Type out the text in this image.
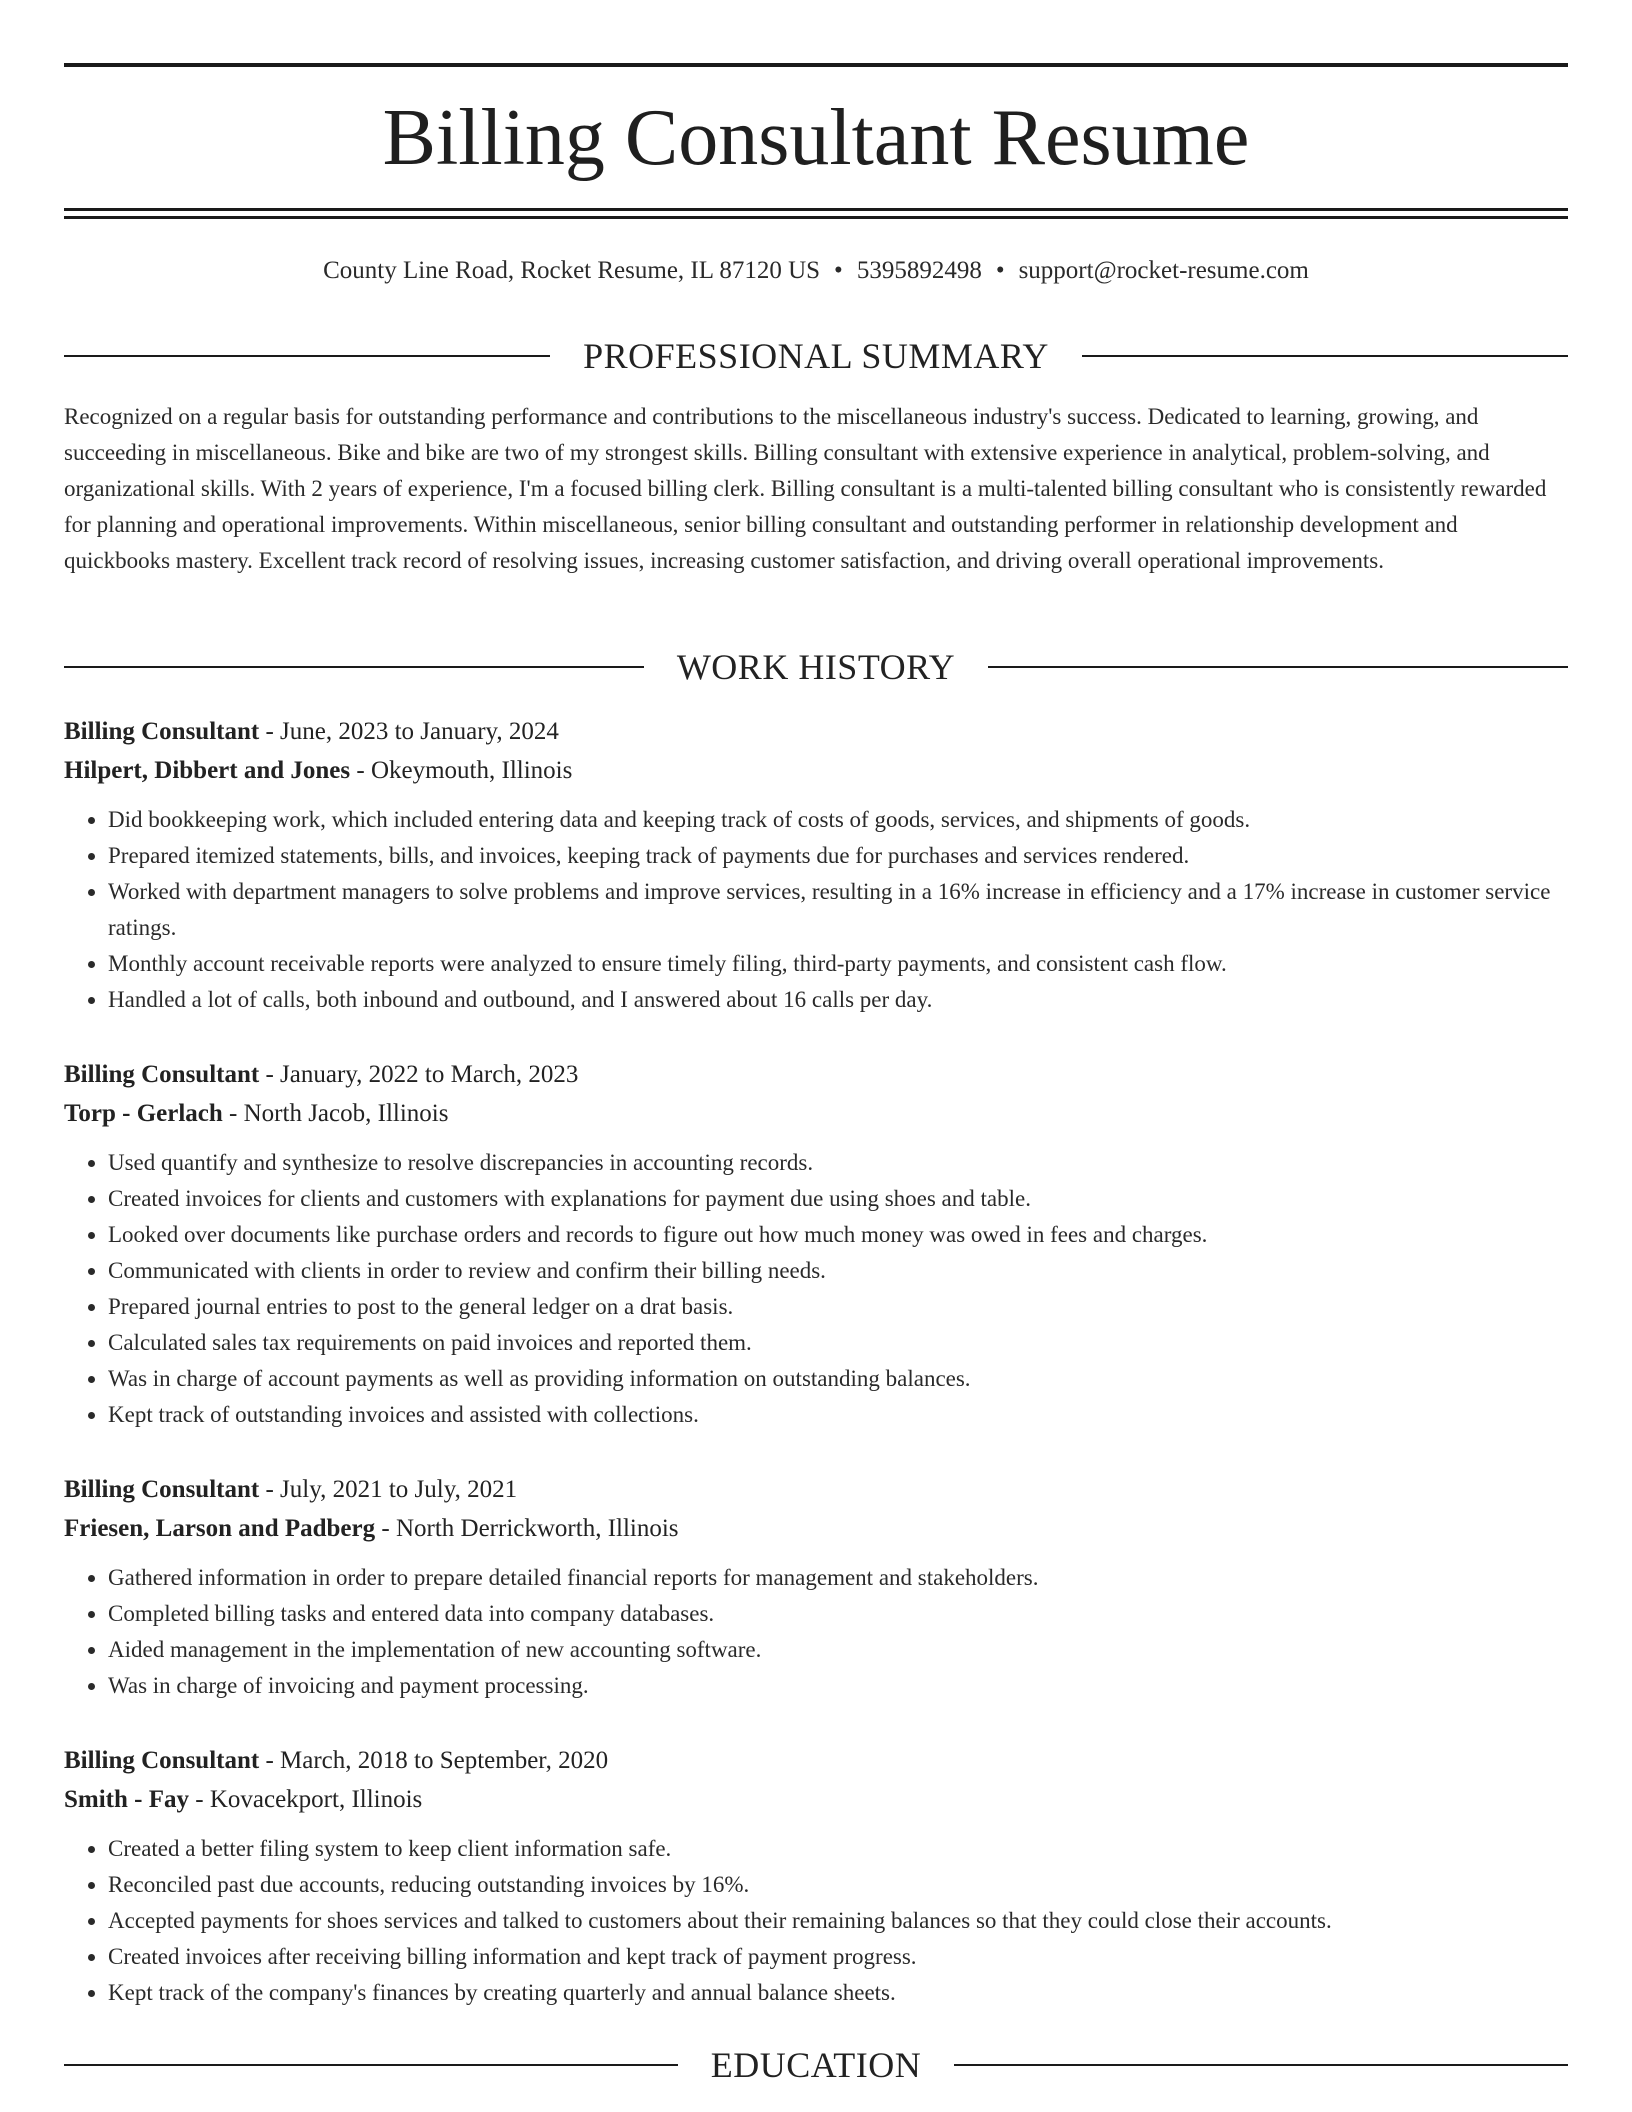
Billing Consultant Resume
County Line Road, Rocket Resume, IL 87120 US • 5395892498 • support@rocket-resume.com
PROFESSIONAL SUMMARY

Recognized on a regular basis for outstanding performance and contributions to the miscellaneous industry's success. Dedicated to learning, growing, and succeeding in miscellaneous. Bike and bike are two of my strongest skills. Billing consultant with extensive experience in analytical, problem-solving, and organizational skills. With 2 years of experience, I'm a focused billing clerk. Billing consultant is a multi-talented billing consultant who is consistently rewarded for planning and operational improvements. Within miscellaneous, senior billing consultant and outstanding performer in relationship development and quickbooks mastery. Excellent track record of resolving issues, increasing customer satisfaction, and driving overall operational improvements.

WORK HISTORY
Billing Consultant - June, 2023 to January, 2024
Hilpert, Dibbert and Jones - Okeymouth, Illinois
• Did bookkeeping work, which included entering data and keeping track of costs of goods, services, and shipments of goods.
• Prepared itemized statements, bills, and invoices, keeping track of payments due for purchases and services rendered.
• Worked with department managers to solve problems and improve services, resulting in a 16% increase in efficiency and a 17% increase in customer service ratings.
• Monthly account receivable reports were analyzed to ensure timely filing, third-party payments, and consistent cash flow.
• Handled a lot of calls, both inbound and outbound, and I answered about 16 calls per day.
Billing Consultant - January, 2022 to March, 2023
Torp - Gerlach - North Jacob, Illinois
• Used quantify and synthesize to resolve discrepancies in accounting records.
• Created invoices for clients and customers with explanations for payment due using shoes and table.
• Looked over documents like purchase orders and records to figure out how much money was owed in fees and charges.
• Communicated with clients in order to review and confirm their billing needs.
• Prepared journal entries to post to the general ledger on a drat basis.
• Calculated sales tax requirements on paid invoices and reported them.
• Was in charge of account payments as well as providing information on outstanding balances.
• Kept track of outstanding invoices and assisted with collections.
Billing Consultant - July, 2021 to July, 2021
Friesen, Larson and Padberg - North Derrickworth, Illinois
• Gathered information in order to prepare detailed financial reports for management and stakeholders.
• Completed billing tasks and entered data into company databases.
• Aided management in the implementation of new accounting software.
• Was in charge of invoicing and payment processing.
Billing Consultant - March, 2018 to September, 2020
Smith - Fay - Kovacekport, Illinois
• Created a better filing system to keep client information safe.
• Reconciled past due accounts, reducing outstanding invoices by 16%.
• Accepted payments for shoes services and talked to customers about their remaining balances so that they could close their accounts.
• Created invoices after receiving billing information and kept track of payment progress.
• Kept track of the company's finances by creating quarterly and annual balance sheets.
EDUCATION
